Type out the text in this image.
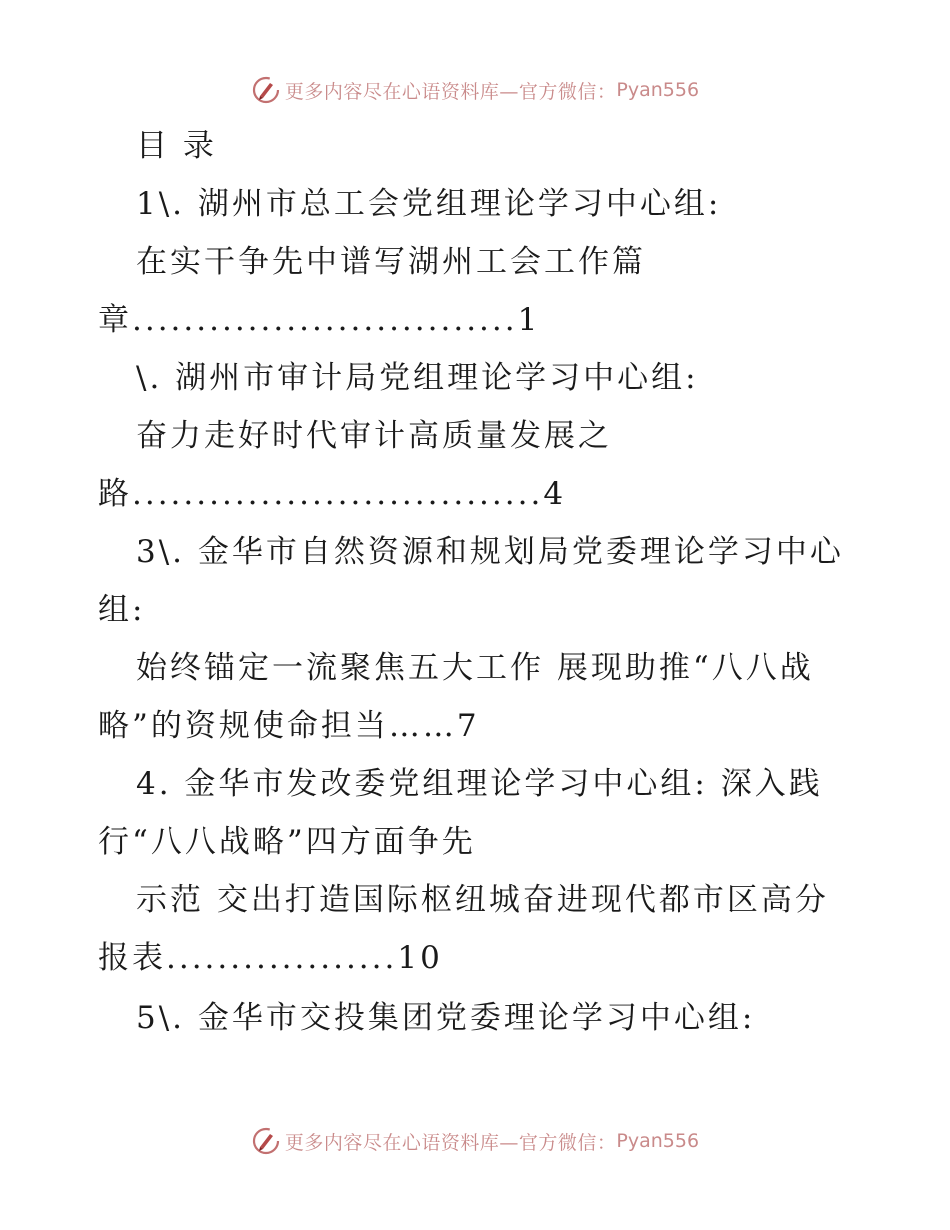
更多内容尽在心语资料库—官方微信： Pyan556
目 录
1\. 湖州市总工会党组理论学习中心组:
在实干争先中谱写湖州工会工作篇
章..............................1
\. 湖州市审计局党组理论学习中心组:
奋力走好时代审计高质量发展之
路................................4
3\. 金华市自然资源和规划局党委理论学习中心
组:
始终锚定一流聚焦五大工作 展现助推“八八战
略”的资规使命担当……7
4. 金华市发改委党组理论学习中心组: 深入践
行“八八战略”四方面争先
示范 交出打造国际枢纽城奋进现代都市区高分
报表..................10
5\. 金华市交投集团党委理论学习中心组:
更多内容尽在心语资料库—官方微信： Pyan556
